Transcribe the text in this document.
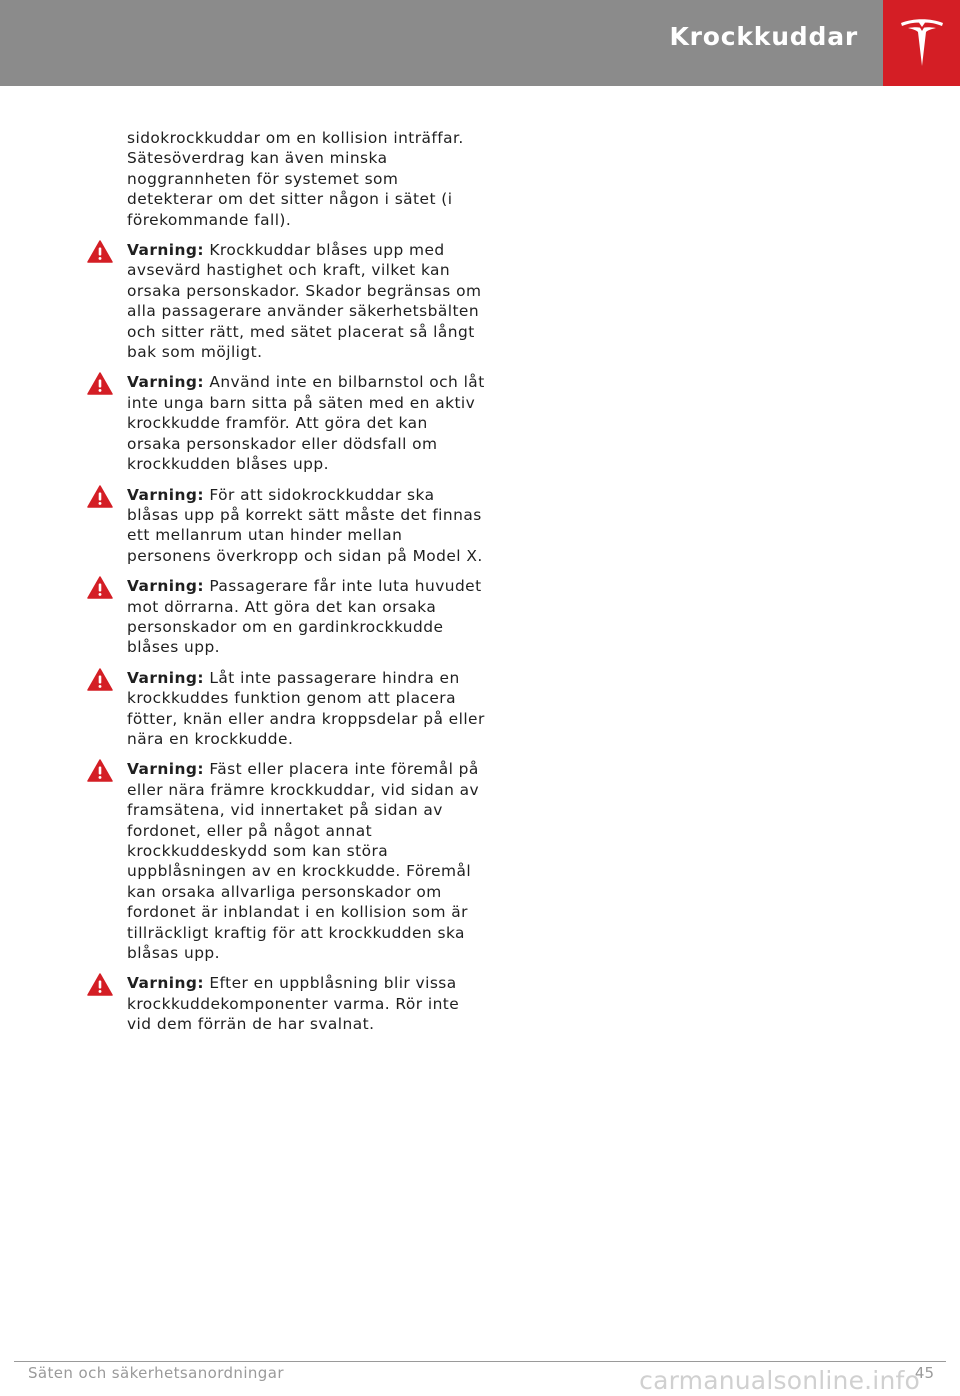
Krockkuddar
sidokrockkuddar om en kollision inträffar. Sätesöverdrag kan även minska noggrannheten för systemet som detekterar om det sitter någon i sätet (i förekommande fall).
Varning: Krockkuddar blåses upp med avsevärd hastighet och kraft, vilket kan orsaka personskador. Skador begränsas om alla passagerare använder säkerhetsbälten och sitter rätt, med sätet placerat så långt bak som möjligt.
Varning: Använd inte en bilbarnstol och låt inte unga barn sitta på säten med en aktiv krockkudde framför. Att göra det kan orsaka personskador eller dödsfall om krockkudden blåses upp.
Varning: För att sidokrockkuddar ska blåsas upp på korrekt sätt måste det finnas ett mellanrum utan hinder mellan personens överkropp och sidan på Model X.
Varning: Passagerare får inte luta huvudet mot dörrarna. Att göra det kan orsaka personskador om en gardinkrockkudde blåses upp.
Varning: Låt inte passagerare hindra en krockkuddes funktion genom att placera fötter, knän eller andra kroppsdelar på eller nära en krockkudde.
Varning: Fäst eller placera inte föremål på eller nära främre krockkuddar, vid sidan av framsätena, vid innertaket på sidan av fordonet, eller på något annat krockkuddeskydd som kan störa uppblåsningen av en krockkudde. Föremål kan orsaka allvarliga personskador om fordonet är inblandat i en kollision som är tillräckligt kraftig för att krockkudden ska blåsas upp.
Varning: Efter en uppblåsning blir vissa krockkuddekomponenter varma. Rör inte vid dem förrän de har svalnat.
Säten och säkerhetsanordningar	45
carmanualsonline.info
